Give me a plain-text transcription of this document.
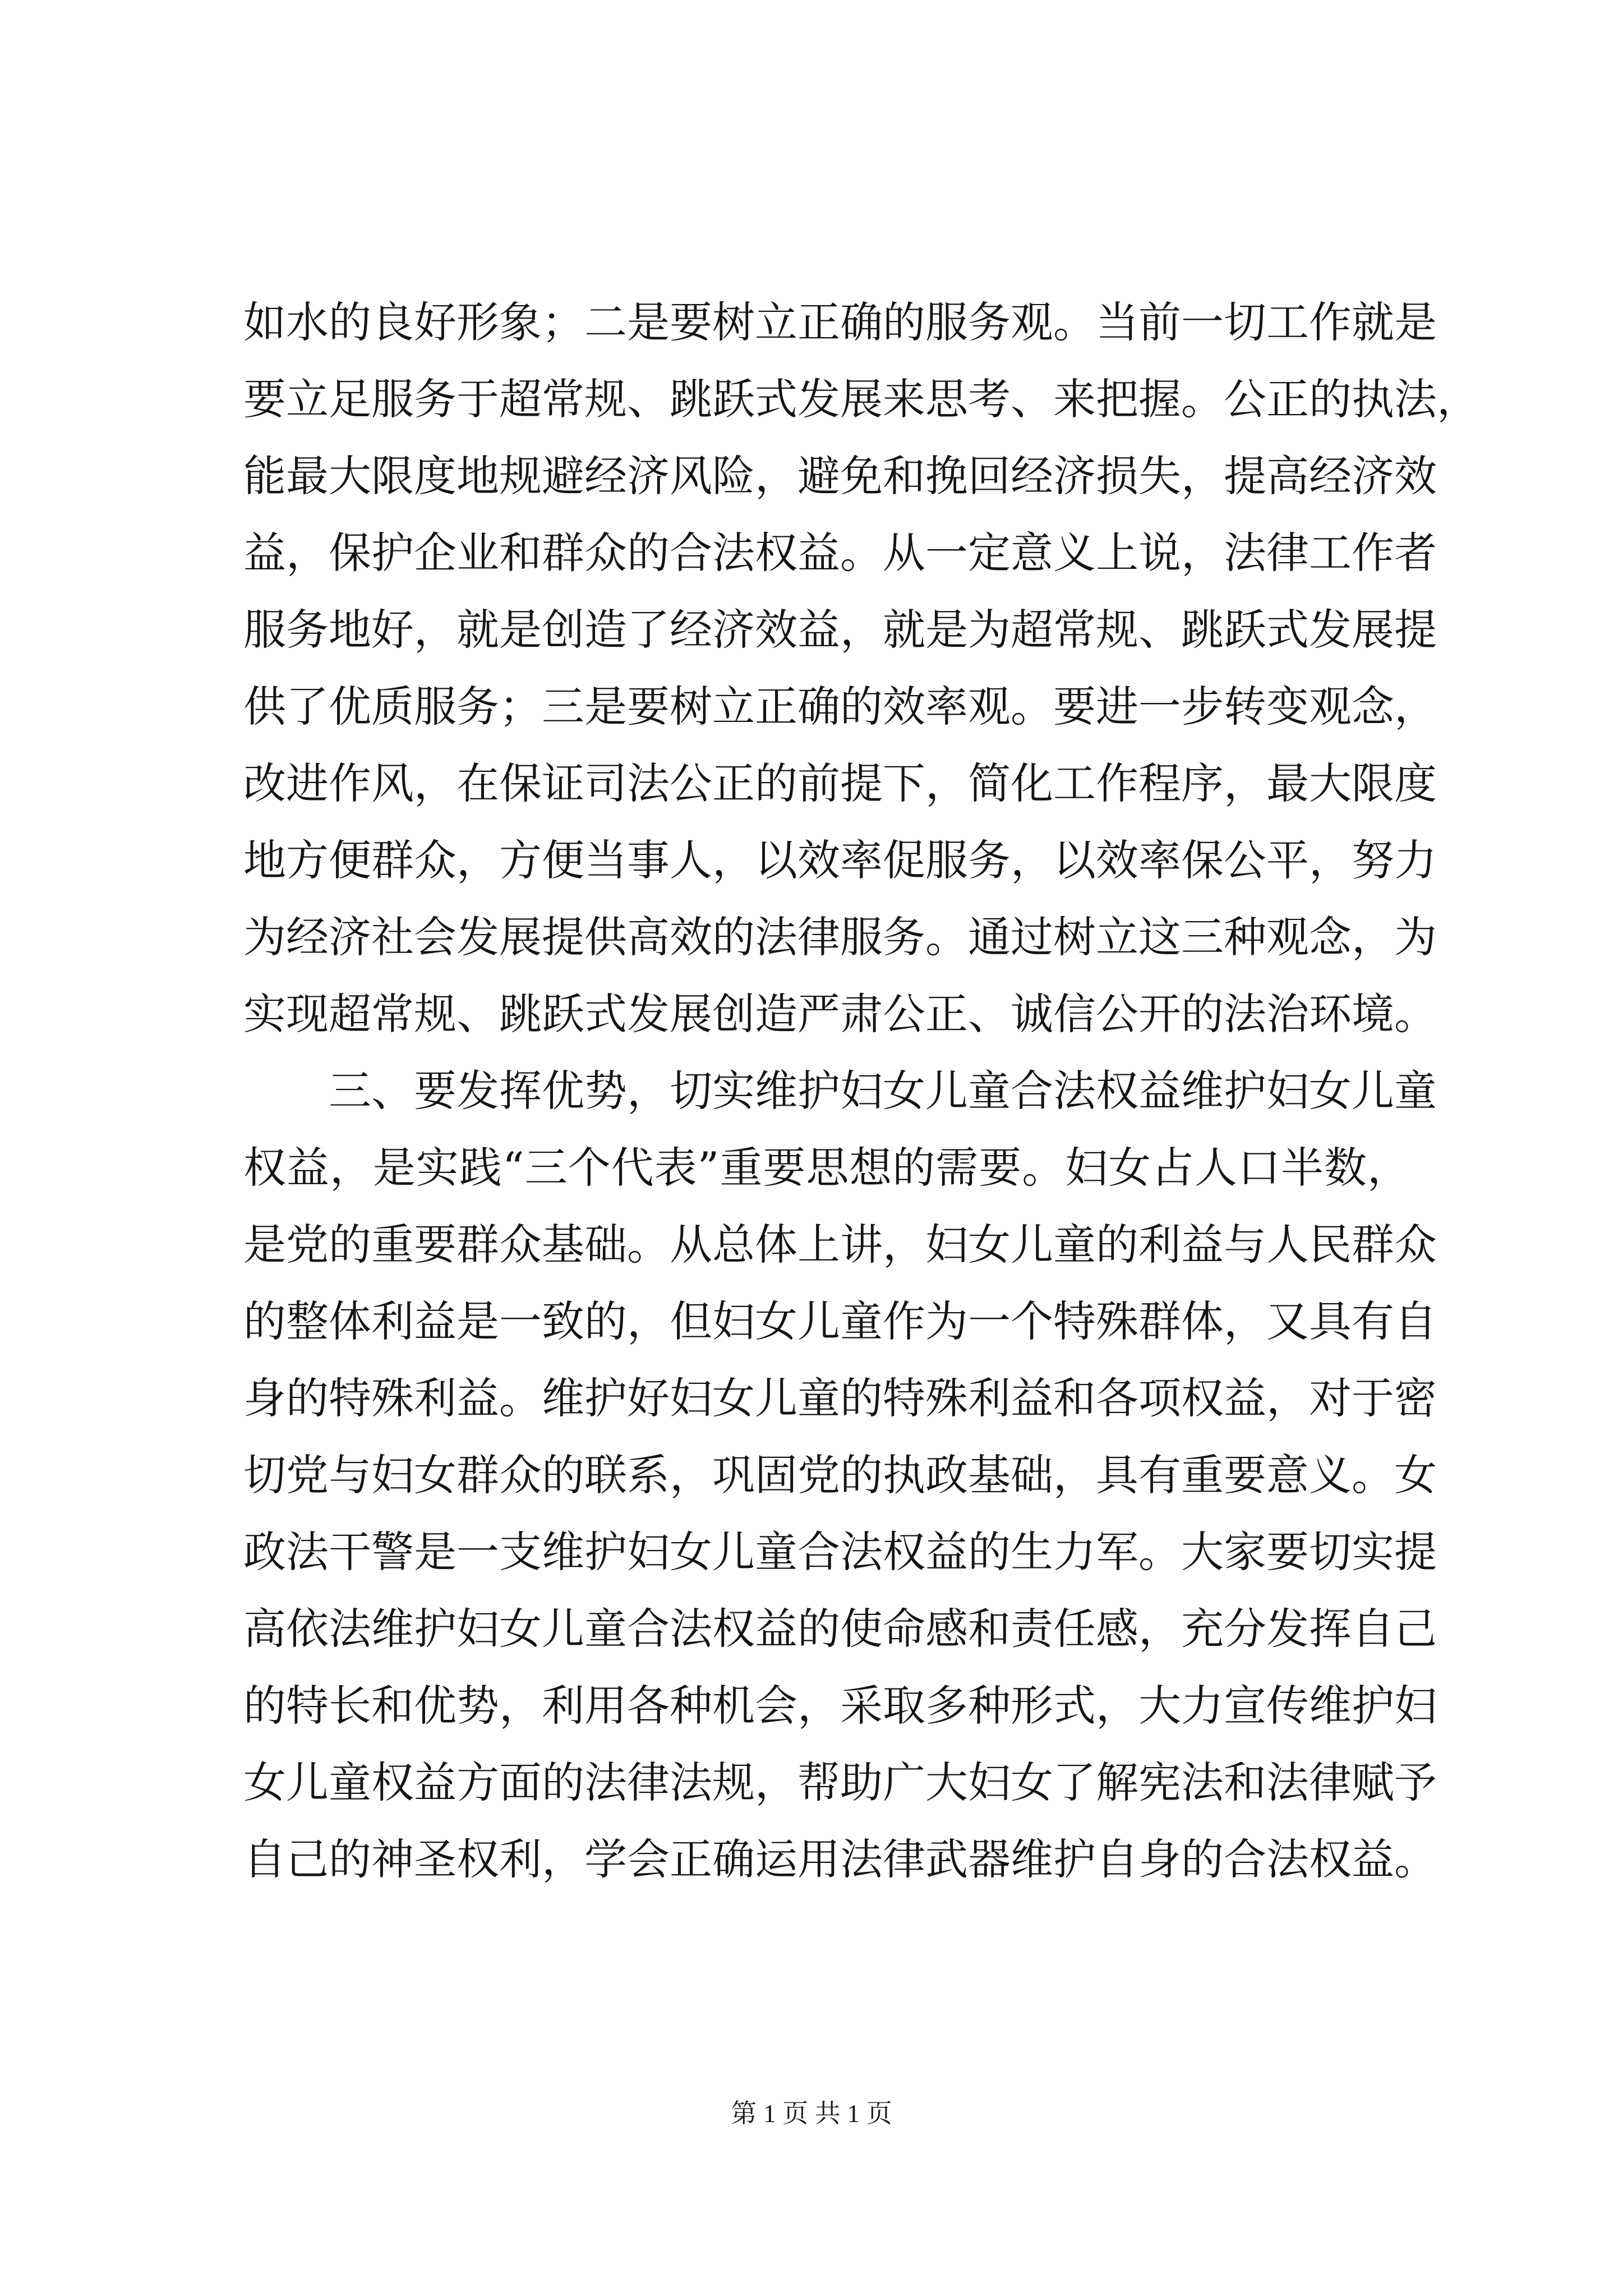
如水的良好形象；二是要树立正确的服务观。当前一切工作就是
要立足服务于超常规、跳跃式发展来思考、来把握。公正的执法，
能最大限度地规避经济风险，避免和挽回经济损失，提高经济效
益，保护企业和群众的合法权益。从一定意义上说，法律工作者
服务地好，就是创造了经济效益，就是为超常规、跳跃式发展提
供了优质服务；三是要树立正确的效率观。要进一步转变观念，
改进作风，在保证司法公正的前提下，简化工作程序，最大限度
地方便群众，方便当事人，以效率促服务，以效率保公平，努力
为经济社会发展提供高效的法律服务。通过树立这三种观念，为
实现超常规、跳跃式发展创造严肃公正、诚信公开的法治环境。
三、要发挥优势，切实维护妇女儿童合法权益维护妇女儿童
权益，是实践“三个代表”重要思想的需要。妇女占人口半数，
是党的重要群众基础。从总体上讲，妇女儿童的利益与人民群众
的整体利益是一致的，但妇女儿童作为一个特殊群体，又具有自
身的特殊利益。维护好妇女儿童的特殊利益和各项权益，对于密
切党与妇女群众的联系，巩固党的执政基础，具有重要意义。女
政法干警是一支维护妇女儿童合法权益的生力军。大家要切实提
高依法维护妇女儿童合法权益的使命感和责任感，充分发挥自己
的特长和优势，利用各种机会，采取多种形式，大力宣传维护妇
女儿童权益方面的法律法规，帮助广大妇女了解宪法和法律赋予
自己的神圣权利，学会正确运用法律武器维护自身的合法权益。
第 1 页 共 1 页
